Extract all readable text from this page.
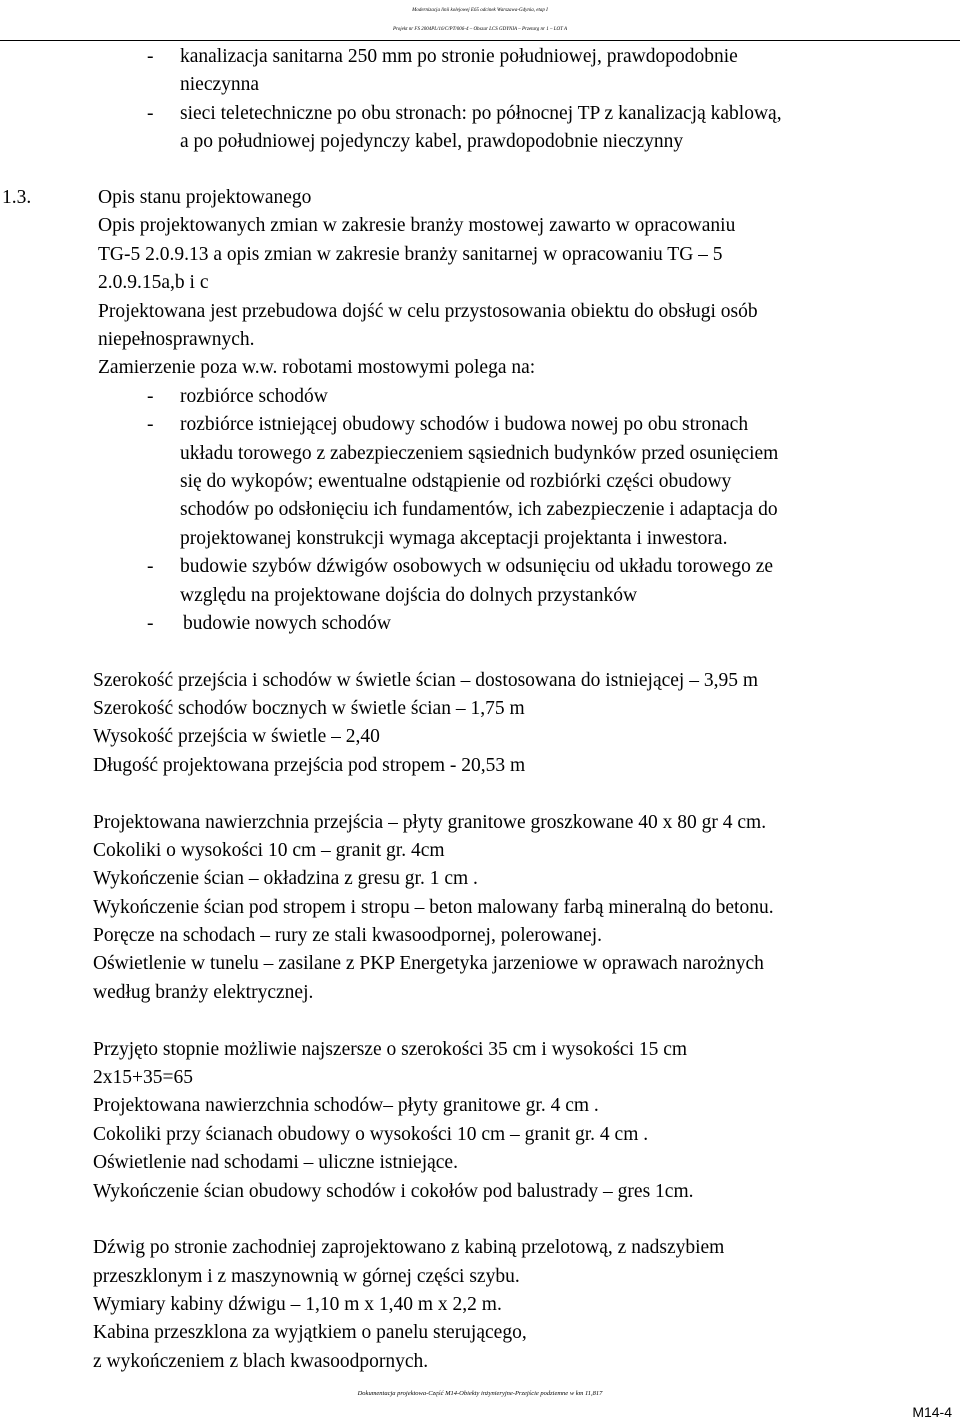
Modernizacja linii kolejowej E65 odcinek Warszawa-Gdynia, etap I
Projekt nr FS 2004PL/16/C/PT/006-4 – Obszar LCS GDYNIA – Przetarg nr 1 – LOT A
- kanalizacja sanitarna 250 mm po stronie południowej, prawdopodobnie
nieczynna
- sieci teletechniczne po obu stronach: po północnej TP z kanalizacją kablową,
a po południowej pojedynczy kabel, prawdopodobnie nieczynny
1.3.	Opis stanu projektowanego
Opis projektowanych zmian w zakresie branży mostowej zawarto w opracowaniu
TG-5 2.0.9.13 a opis zmian w zakresie branży sanitarnej w opracowaniu TG – 5
2.0.9.15a,b i c
Projektowana jest przebudowa dojść w celu przystosowania obiektu do obsługi osób
niepełnosprawnych.
Zamierzenie poza w.w. robotami mostowymi polega na:
- rozbiórce schodów
- rozbiórce istniejącej obudowy schodów i budowa nowej po obu stronach
układu torowego z zabezpieczeniem sąsiednich budynków przed osunięciem
się do wykopów; ewentualne odstąpienie od rozbiórki części obudowy
schodów po odsłonięciu ich fundamentów, ich zabezpieczenie i adaptacja do
projektowanej konstrukcji wymaga akceptacji projektanta i inwestora.
- budowie szybów dźwigów osobowych w odsunięciu od układu torowego ze
względu na projektowane dojścia do dolnych przystanków
- budowie nowych schodów
Szerokość przejścia i schodów w świetle ścian – dostosowana do istniejącej – 3,95 m
Szerokość schodów bocznych w świetle ścian – 1,75 m
Wysokość przejścia w świetle – 2,40
Długość projektowana przejścia pod stropem - 20,53 m
Projektowana nawierzchnia przejścia – płyty granitowe groszkowane 40 x 80 gr 4 cm.
Cokoliki o wysokości 10 cm – granit gr. 4cm
Wykończenie ścian – okładzina z gresu gr. 1 cm .
Wykończenie ścian pod stropem i stropu – beton malowany farbą mineralną do betonu.
Poręcze na schodach – rury ze stali kwasoodpornej, polerowanej.
Oświetlenie w tunelu – zasilane z PKP Energetyka jarzeniowe w oprawach narożnych
według branży elektrycznej.
Przyjęto stopnie możliwie najszersze o szerokości 35 cm i wysokości 15 cm
2x15+35=65
Projektowana nawierzchnia schodów– płyty granitowe gr. 4 cm .
Cokoliki przy ścianach obudowy o wysokości 10 cm – granit gr. 4 cm .
Oświetlenie nad schodami – uliczne istniejące.
Wykończenie ścian obudowy schodów i cokołów pod balustrady – gres 1cm.
Dźwig po stronie zachodniej zaprojektowano z kabiną przelotową, z nadszybiem
przeszklonym i z maszynownią w górnej części szybu.
Wymiary kabiny dźwigu – 1,10 m x 1,40 m x 2,2 m.
Kabina przeszklona za wyjątkiem o panelu sterującego,
z wykończeniem z blach kwasoodpornych.
Dokumentacja projektowa-Część M14-Obiekty inżynieryjne-Przejście podziemne w km 11,817
M14-4
